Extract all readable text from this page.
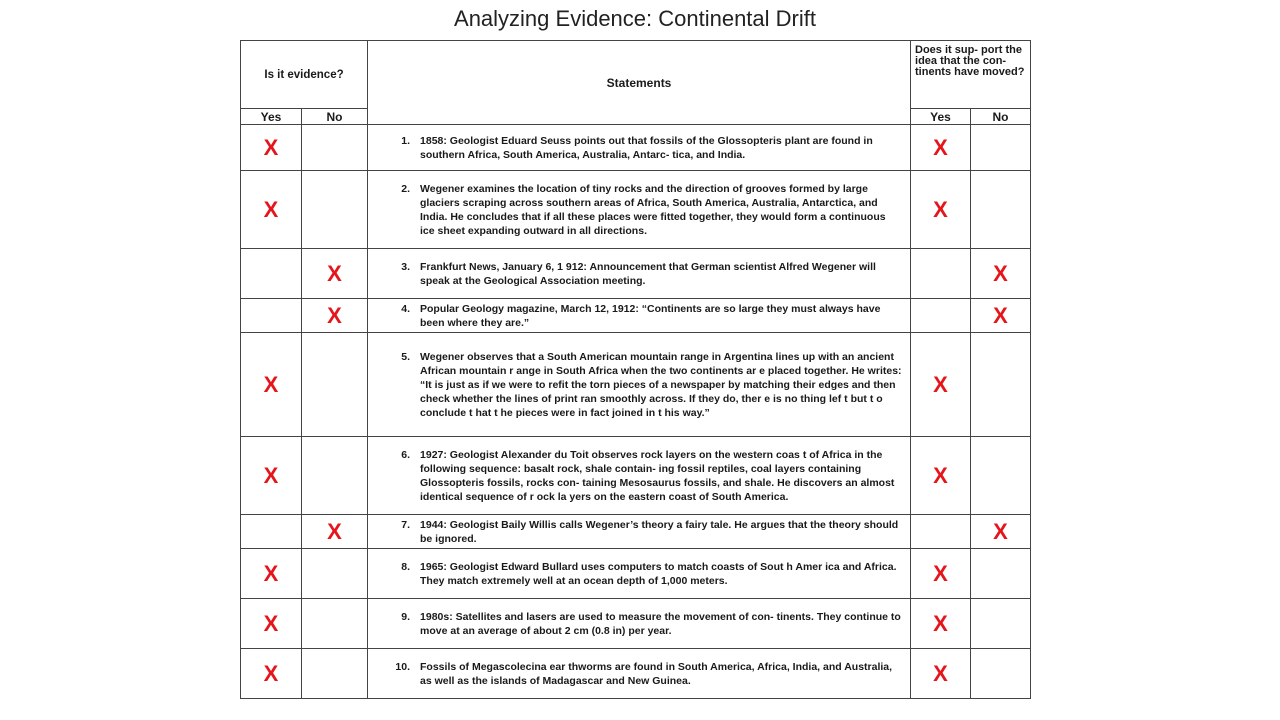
Analyzing Evidence: Continental Drift
Is it evidence?		Statements	Does it sup- port the idea that the con- tinents have moved?	
Yes	No		Yes	No
X		1. 1858: Geologist Eduard Seuss points out that fossils of the Glossopteris plant are found in southern Africa, South America, Australia, Antarc- tica, and India.	X	
X		2. Wegener examines the location of tiny rocks and the direction of grooves formed by large glaciers scraping across southern areas of Africa, South America, Australia, Antarctica, and India. He concludes that if all these places were fitted together, they would form a continuous ice sheet expanding outward in all directions.	X	
	X	3. Frankfurt News, January 6, 1 912: Announcement that German scientist Alfred Wegener will speak at the Geological Association meeting.		X
	X	4. Popular Geology magazine, March 12, 1912: “Continents are so large they must always have been where they are.”		X
X		5. Wegener observes that a South American mountain range in Argentina lines up with an ancient African mountain r ange in South Africa when the two continents ar e placed together. He writes: “It is just as if we were to refit the torn pieces of a newspaper by matching their edges and then check whether the lines of print ran smoothly across. If they do, ther e is no thing lef t but t o conclude t hat t he pieces were in fact joined in t his way.”	X	
X		6. 1927: Geologist Alexander du Toit observes rock layers on the western coas t of Africa in the following sequence: basalt rock, shale contain- ing fossil reptiles, coal layers containing Glossopteris fossils, rocks con- taining Mesosaurus fossils, and shale. He discovers an almost identical sequence of r ock la yers on the eastern coast of South America.	X	
	X	7. 1944: Geologist Baily Willis calls Wegener’s theory a fairy tale. He argues that the theory should be ignored.		X
X		8. 1965: Geologist Edward Bullard uses computers to match coasts of Sout h Amer ica and Africa. They match extremely well at an ocean depth of 1,000 meters.	X	
X		9. 1980s: Satellites and lasers are used to measure the movement of con- tinents. They continue to move at an average of about 2 cm (0.8 in) per year.	X	
X		10. Fossils of Megascolecina ear thworms are found in South America, Africa, India, and Australia, as well as the islands of Madagascar and New Guinea.	X	
